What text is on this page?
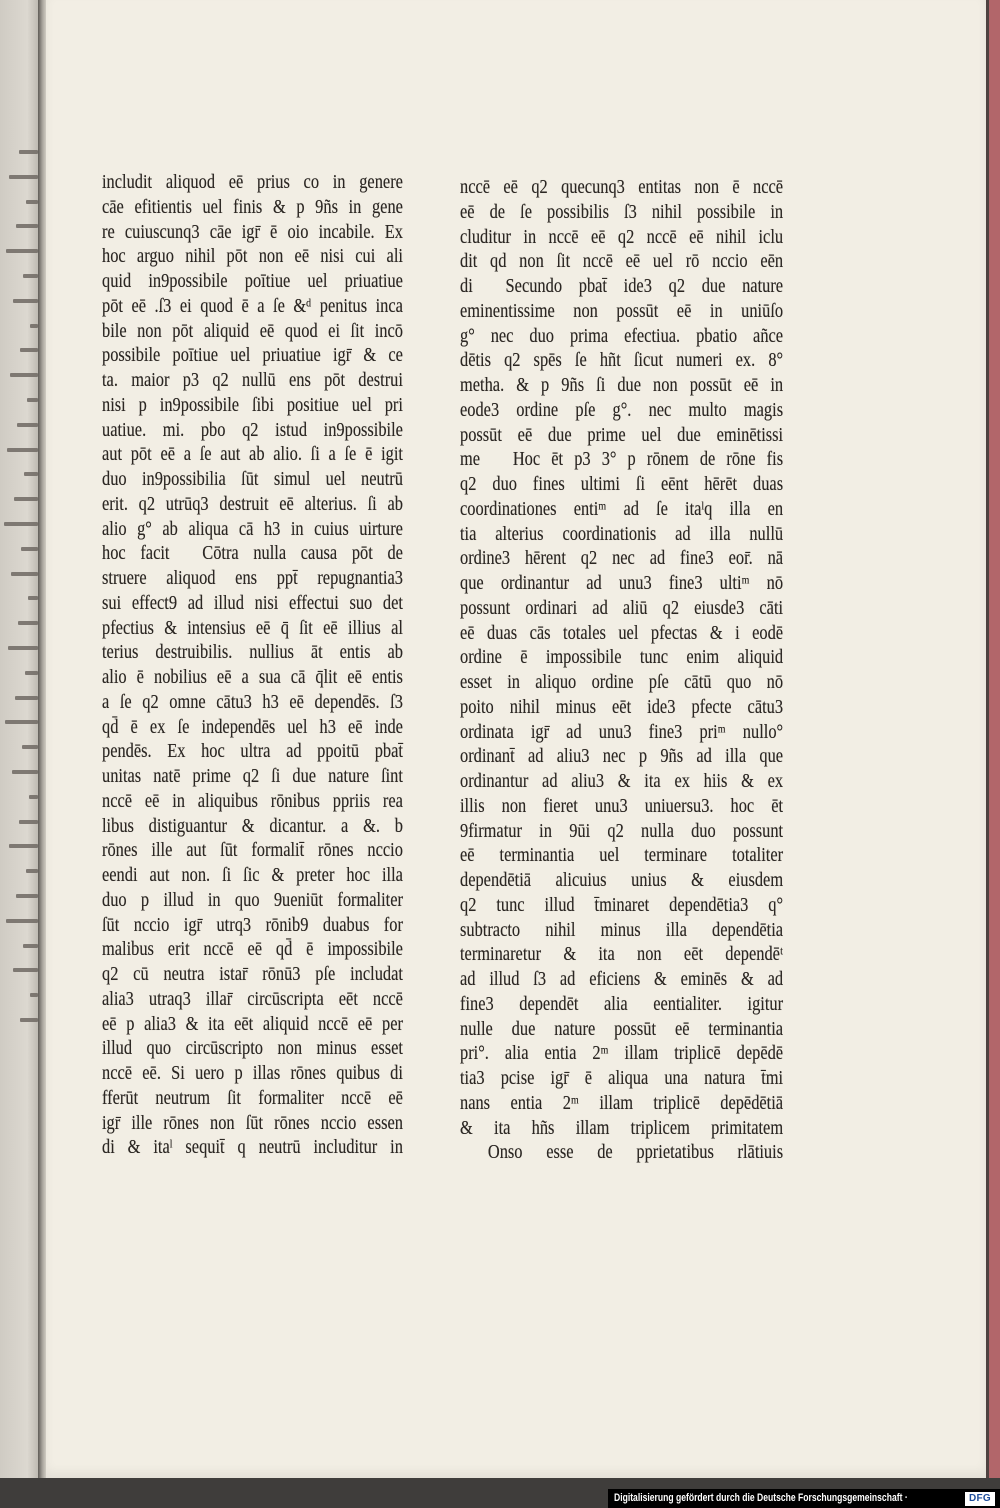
includit aliquod eē prius co in genere
cāe efitientis uel finis & p 9ñs in gene
re cuiuscunq3 cāe igr̄ ē oio incabile. Ex
hoc arguo nihil pōt non eē nisi cui ali
quid in9possibile poītiue uel priuatiue
pōt eē .ſ3 ei quod ē a ſe &ᵈ penitus inca
bile non pōt aliquid eē quod ei ſit incō
possibile poītiue uel priuatiue igr̄ & ce
ta. maior p3 q2 nullū ens pōt destrui
nisi p in9possibile ſibi positiue uel pri
uatiue. mi. pbo q2 istud in9possibile
aut pōt eē a ſe aut ab alio. ſi a ſe ē igit
duo in9possibilia ſūt simul uel neutrū
erit. q2 utrūq3 destruit eē alterius. ſi ab
alio g° ab aliqua cā h3 in cuius uirture
hoc facit  Cōtra nulla causa pōt de
struere aliquod ens ppt̄ repugnantia3
sui effect9 ad illud nisi effectui suo det
pfectius & intensius eē q̄ ſit eē illius al
terius destruibilis. nullius āt entis ab
alio ē nobilius eē a sua cā q̄lit eē entis
a ſe q2 omne cātu3 h3 eē dependēs. ſ3
qd̄ ē ex ſe independēs uel h3 eē inde
pendēs. Ex hoc ultra ad ppoitū pbat̄
unitas natē prime q2 ſi due nature ſint
nccē eē in aliquibus rōnibus ppriis rea
libus distiguantur & dicantur. a &. b
rōnes ille aut ſūt formalit̄ rōnes nccio
eendi aut non. ſi ſic & preter hoc illa
duo p illud in quo 9ueniūt formaliter
ſūt nccio igr̄ utrq3 rōnib9 duabus for
malibus erit nccē eē qd̄ ē impossibile
q2 cū neutra istar̄ rōnū3 pſe includat
alia3 utraq3 illar̄ circūscripta eēt nccē
eē p alia3 & ita eēt aliquid nccē eē per
illud quo circūscripto non minus esset
nccē eē. Si uero p illas rōnes quibus di
fferūt neutrum ſit formaliter nccē eē
igr̄ ille rōnes non ſūt rōnes nccio essen
di & itaˡ sequit̄ q neutrū includitur in
nccē eē q2 quecunq3 entitas non ē nccē
eē de ſe possibilis ſ3 nihil possibile in
cluditur in nccē eē q2 nccē eē nihil iclu
dit qd non ſit nccē eē uel rō nccio eēn
di  Secundo pbat̄ ide3 q2 due nature
eminentissime non possūt eē in uniūſo
g° nec duo prima efectiua. pbatio añce
dētis q2 spēs ſe hñt ſicut numeri ex. 8°
metha. & p 9ñs ſi due non possūt eē in
eode3 ordine pſe g°. nec multo magis
possūt eē due prime uel due eminētissi
me  Hoc ēt p3 3° p rōnem de rōne fis
q2 duo fines ultimi ſi eēnt hērēt duas
coordinationes entiᵐ ad ſe itaˡq illa en
tia alterius coordinationis ad illa nullū
ordine3 hērent q2 nec ad fine3 eor̄. nā
que ordinantur ad unu3 fine3 ultiᵐ nō
possunt ordinari ad aliū q2 eiusde3 cāti
eē duas cās totales uel pfectas & i eodē
ordine ē impossibile tunc enim aliquid
esset in aliquo ordine pſe cātū quo nō
poito nihil minus eēt ide3 pfecte cātu3
ordinata igr̄ ad unu3 fine3 priᵐ nullo°
ordinant̄ ad aliu3 nec p 9ñs ad illa que
ordinantur ad aliu3 & ita ex hiis & ex
illis non fieret unu3 uniuersu3. hoc ēt
9firmatur in 9ūi q2 nulla duo possunt
eē terminantia uel terminare totaliter
dependētiā alicuius unius & eiusdem
q2 tunc illud t̄minaret dependētia3 q°
subtracto nihil minus illa dependētia
terminaretur & ita non eēt dependēᵗ
ad illud ſ3 ad eficiens & eminēs & ad
fine3 dependēt alia eentialiter. igitur
nulle due nature possūt eē terminantia
pri°. alia entia 2ᵐ illam triplicē depēdē
tia3 pcise igr̄ ē aliqua una natura t̄mi
nans entia 2ᵐ illam triplicē depēdētiā
& ita hñs illam triplicem primitatem
Onso esse de pprietatibus rlātiuis
Digitalisierung gefördert durch die Deutsche Forschungsgemeinschaft ·	DFG
